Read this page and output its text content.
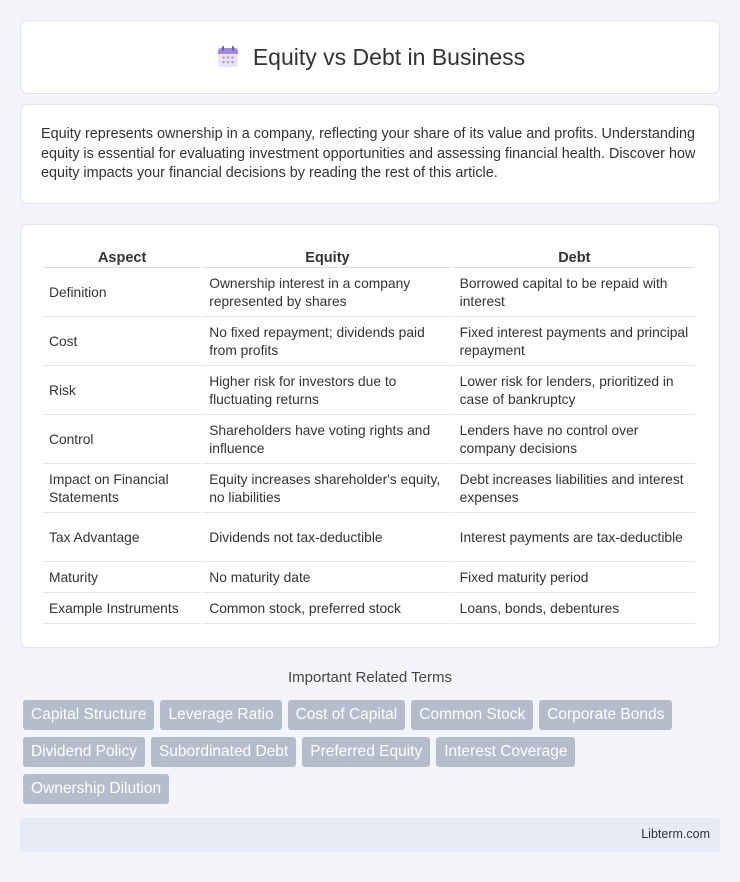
Equity vs Debt in Business

Equity represents ownership in a company, reflecting your share of its value and profits. Understanding equity is essential for evaluating investment opportunities and assessing financial health. Discover how equity impacts your financial decisions by reading the rest of this article.

Aspect	Equity	Debt
Definition	Ownership interest in a company represented by shares	Borrowed capital to be repaid with interest
Cost	No fixed repayment; dividends paid from profits	Fixed interest payments and principal repayment
Risk	Higher risk for investors due to fluctuating returns	Lower risk for lenders, prioritized in case of bankruptcy
Control	Shareholders have voting rights and influence	Lenders have no control over company decisions
Impact on Financial Statements	Equity increases shareholder's equity, no liabilities	Debt increases liabilities and interest expenses
Tax Advantage	Dividends not tax-deductible	Interest payments are tax-deductible
Maturity	No maturity date	Fixed maturity period
Example Instruments	Common stock, preferred stock	Loans, bonds, debentures
Important Related Terms
Capital Structure	Leverage Ratio	Cost of Capital	Common Stock	Corporate Bonds
Dividend Policy	Subordinated Debt	Preferred Equity	Interest Coverage
Ownership Dilution
Libterm.com
